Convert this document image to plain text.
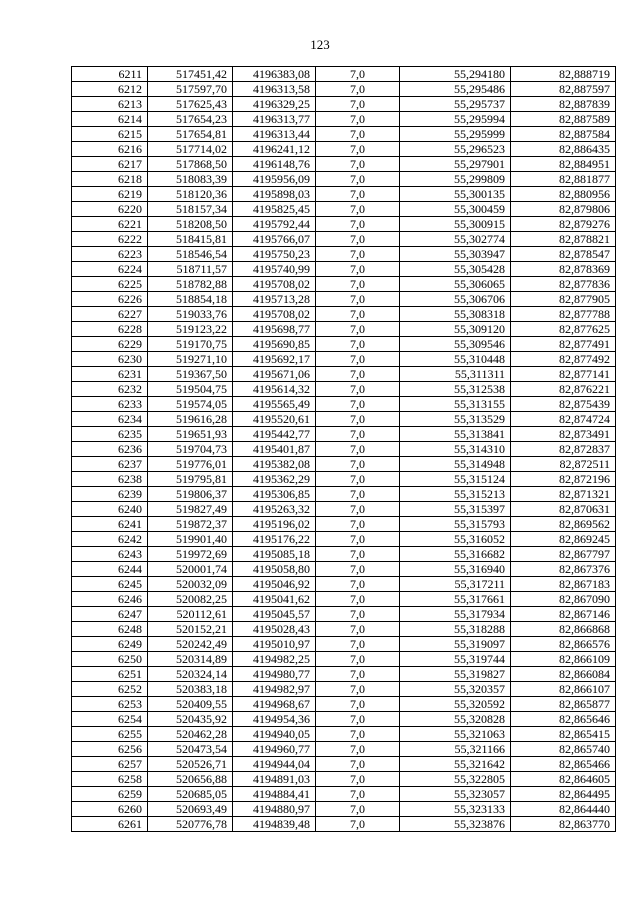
123
6211	517451,42	4196383,08	7,0	55,294180	82,888719
6212	517597,70	4196313,58	7,0	55,295486	82,887597
6213	517625,43	4196329,25	7,0	55,295737	82,887839
6214	517654,23	4196313,77	7,0	55,295994	82,887589
6215	517654,81	4196313,44	7,0	55,295999	82,887584
6216	517714,02	4196241,12	7,0	55,296523	82,886435
6217	517868,50	4196148,76	7,0	55,297901	82,884951
6218	518083,39	4195956,09	7,0	55,299809	82,881877
6219	518120,36	4195898,03	7,0	55,300135	82,880956
6220	518157,34	4195825,45	7,0	55,300459	82,879806
6221	518208,50	4195792,44	7,0	55,300915	82,879276
6222	518415,81	4195766,07	7,0	55,302774	82,878821
6223	518546,54	4195750,23	7,0	55,303947	82,878547
6224	518711,57	4195740,99	7,0	55,305428	82,878369
6225	518782,88	4195708,02	7,0	55,306065	82,877836
6226	518854,18	4195713,28	7,0	55,306706	82,877905
6227	519033,76	4195708,02	7,0	55,308318	82,877788
6228	519123,22	4195698,77	7,0	55,309120	82,877625
6229	519170,75	4195690,85	7,0	55,309546	82,877491
6230	519271,10	4195692,17	7,0	55,310448	82,877492
6231	519367,50	4195671,06	7,0	55,311311	82,877141
6232	519504,75	4195614,32	7,0	55,312538	82,876221
6233	519574,05	4195565,49	7,0	55,313155	82,875439
6234	519616,28	4195520,61	7,0	55,313529	82,874724
6235	519651,93	4195442,77	7,0	55,313841	82,873491
6236	519704,73	4195401,87	7,0	55,314310	82,872837
6237	519776,01	4195382,08	7,0	55,314948	82,872511
6238	519795,81	4195362,29	7,0	55,315124	82,872196
6239	519806,37	4195306,85	7,0	55,315213	82,871321
6240	519827,49	4195263,32	7,0	55,315397	82,870631
6241	519872,37	4195196,02	7,0	55,315793	82,869562
6242	519901,40	4195176,22	7,0	55,316052	82,869245
6243	519972,69	4195085,18	7,0	55,316682	82,867797
6244	520001,74	4195058,80	7,0	55,316940	82,867376
6245	520032,09	4195046,92	7,0	55,317211	82,867183
6246	520082,25	4195041,62	7,0	55,317661	82,867090
6247	520112,61	4195045,57	7,0	55,317934	82,867146
6248	520152,21	4195028,43	7,0	55,318288	82,866868
6249	520242,49	4195010,97	7,0	55,319097	82,866576
6250	520314,89	4194982,25	7,0	55,319744	82,866109
6251	520324,14	4194980,77	7,0	55,319827	82,866084
6252	520383,18	4194982,97	7,0	55,320357	82,866107
6253	520409,55	4194968,67	7,0	55,320592	82,865877
6254	520435,92	4194954,36	7,0	55,320828	82,865646
6255	520462,28	4194940,05	7,0	55,321063	82,865415
6256	520473,54	4194960,77	7,0	55,321166	82,865740
6257	520526,71	4194944,04	7,0	55,321642	82,865466
6258	520656,88	4194891,03	7,0	55,322805	82,864605
6259	520685,05	4194884,41	7,0	55,323057	82,864495
6260	520693,49	4194880,97	7,0	55,323133	82,864440
6261	520776,78	4194839,48	7,0	55,323876	82,863770
